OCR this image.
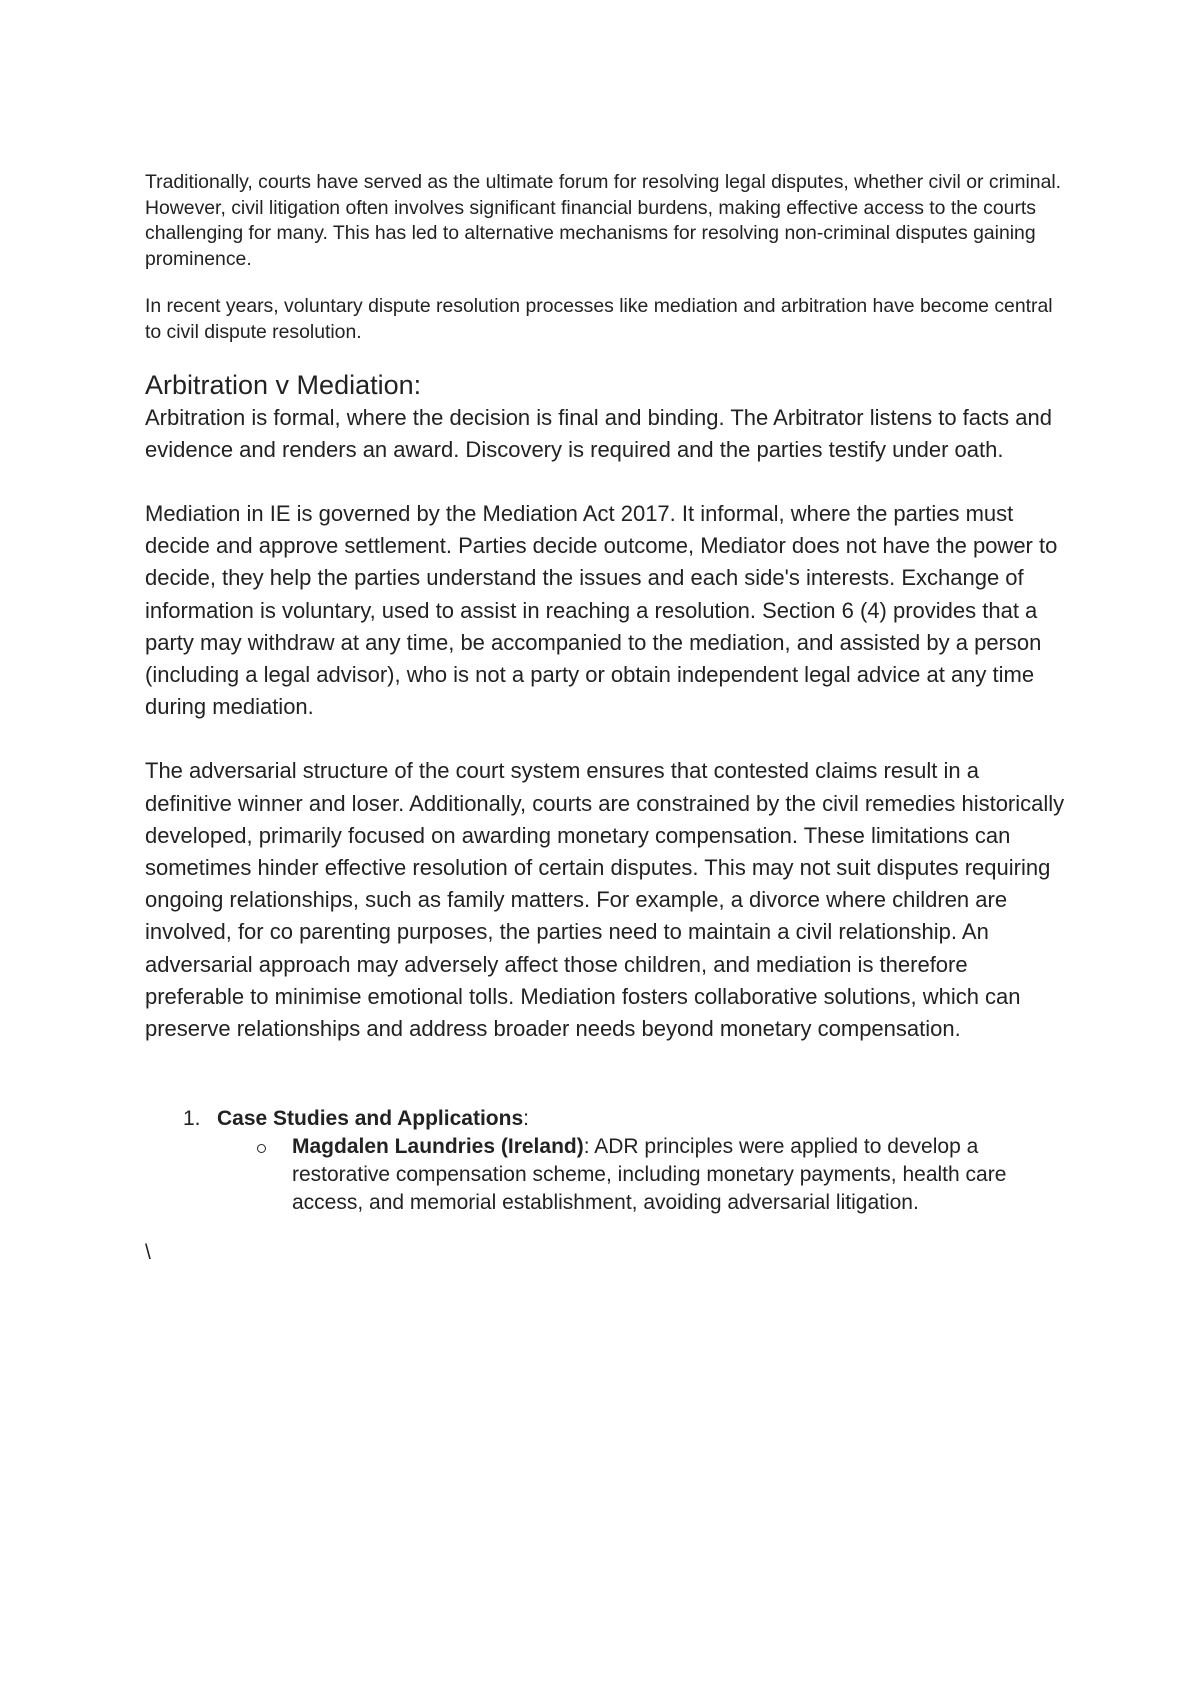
Traditionally, courts have served as the ultimate forum for resolving legal disputes, whether civil or criminal. However, civil litigation often involves significant financial burdens, making effective access to the courts challenging for many. This has led to alternative mechanisms for resolving non-criminal disputes gaining prominence.

In recent years, voluntary dispute resolution processes like mediation and arbitration have become central to civil dispute resolution.

Arbitration v Mediation:

Arbitration is formal, where the decision is final and binding. The Arbitrator listens to facts and evidence and renders an award. Discovery is required and the parties testify under oath.

Mediation in IE is governed by the Mediation Act 2017. It informal, where the parties must decide and approve settlement. Parties decide outcome, Mediator does not have the power to decide, they help the parties understand the issues and each side's interests. Exchange of information is voluntary, used to assist in reaching a resolution. Section 6 (4) provides that a party may withdraw at any time, be accompanied to the mediation, and assisted by a person (including a legal advisor), who is not a party or obtain independent legal advice at any time during mediation.

The adversarial structure of the court system ensures that contested claims result in a definitive winner and loser. Additionally, courts are constrained by the civil remedies historically developed, primarily focused on awarding monetary compensation. These limitations can sometimes hinder effective resolution of certain disputes. This may not suit disputes requiring ongoing relationships, such as family matters. For example, a divorce where children are involved, for co parenting purposes, the parties need to maintain a civil relationship. An adversarial approach may adversely affect those children, and mediation is therefore preferable to minimise emotional tolls. Mediation fosters collaborative solutions, which can preserve relationships and address broader needs beyond monetary compensation.

1. Case Studies and Applications:
Magdalen Laundries (Ireland): ADR principles were applied to develop a restorative compensation scheme, including monetary payments, health care access, and memorial establishment, avoiding adversarial litigation.
\
